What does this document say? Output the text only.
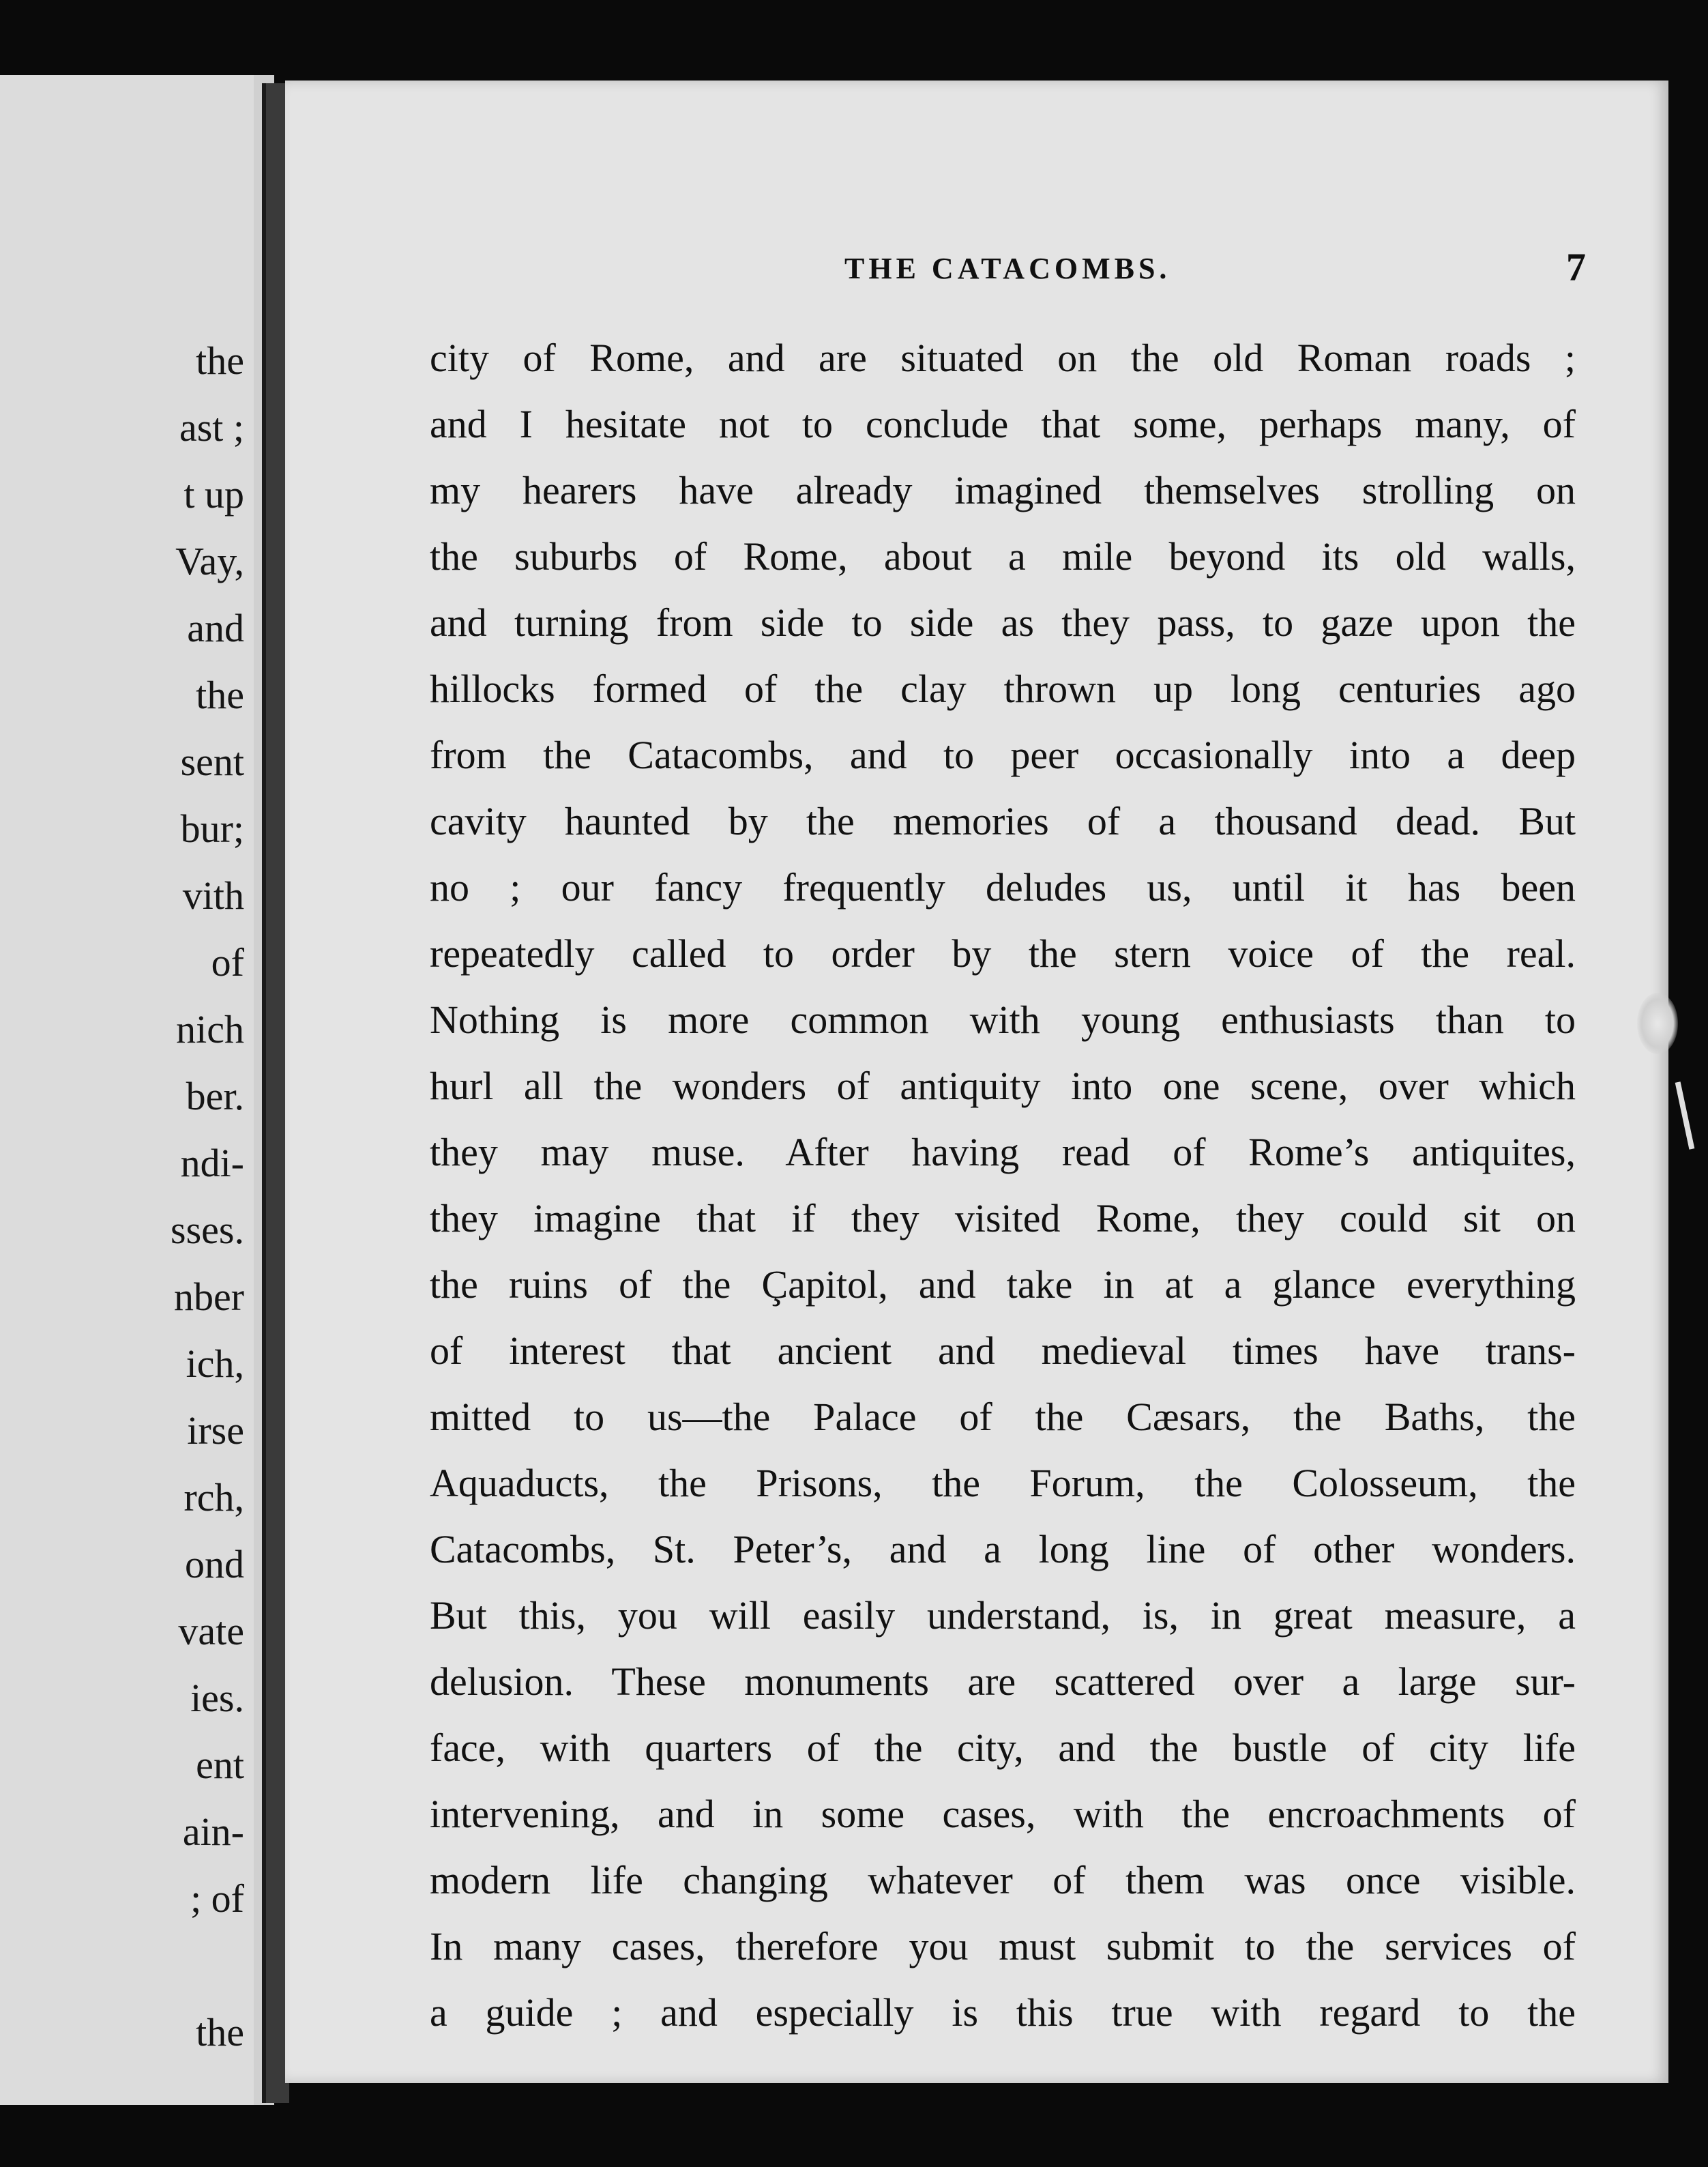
the
ast ;
t up
Vay,
and
the
sent
bur;
vith
of
nich
ber.
ndi-
sses.
nber
ich,
irse
rch,
ond
vate
ies.
ent
ain-
; of
the
THE CATACOMBS.	7
city of Rome, and are situated on the old Roman roads ;
and I hesitate not to conclude that some, perhaps many, of
my hearers have already imagined themselves strolling on
the suburbs of Rome, about a mile beyond its old walls,
and turning from side to side as they pass, to gaze upon the
hillocks formed of the clay thrown up long centuries ago
from the Catacombs, and to peer occasionally into a deep
cavity haunted by the memories of a thousand dead. But
no ; our fancy frequently deludes us, until it has been
repeatedly called to order by the stern voice of the real.
Nothing is more common with young enthusiasts than to
hurl all the wonders of antiquity into one scene, over which
they may muse. After having read of Rome’s antiquites,
they imagine that if they visited Rome, they could sit on
the ruins of the Çapitol, and take in at a glance everything
of interest that ancient and medieval times have trans-
mitted to us—the Palace of the Cæsars, the Baths, the
Aquaducts, the Prisons, the Forum, the Colosseum, the
Catacombs, St. Peter’s, and a long line of other wonders.
But this, you will easily understand, is, in great measure, a
delusion. These monuments are scattered over a large sur-
face, with quarters of the city, and the bustle of city life
intervening, and in some cases, with the encroachments of
modern life changing whatever of them was once visible.
In many cases, therefore you must submit to the services of
a guide ; and especially is this true with regard to the
